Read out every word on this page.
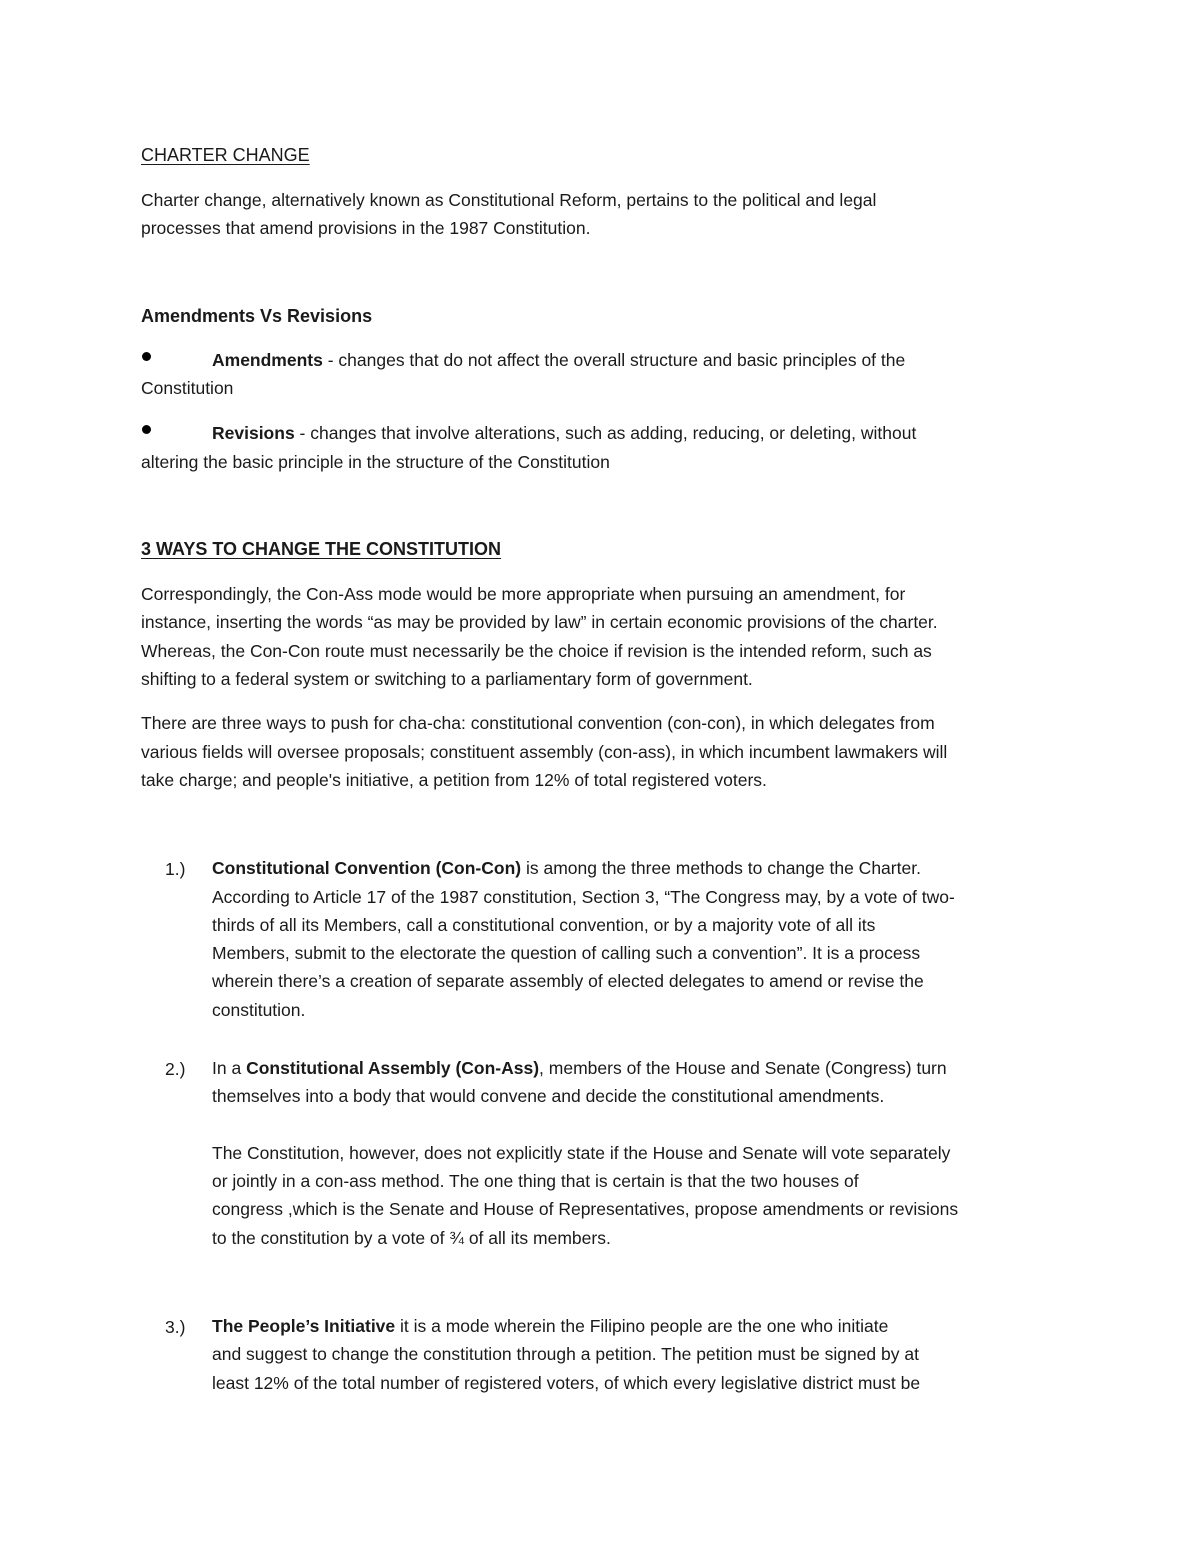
CHARTER CHANGE
Charter change, alternatively known as Constitutional Reform, pertains to the political and legal
processes that amend provisions in the 1987 Constitution.
Amendments Vs Revisions
Amendments - changes that do not affect the overall structure and basic principles of the
Constitution
Revisions - changes that involve alterations, such as adding, reducing, or deleting, without
altering the basic principle in the structure of the Constitution
3 WAYS TO CHANGE THE CONSTITUTION
Correspondingly, the Con-Ass mode would be more appropriate when pursuing an amendment, for
instance, inserting the words “as may be provided by law” in certain economic provisions of the charter.
Whereas, the Con-Con route must necessarily be the choice if revision is the intended reform, such as
shifting to a federal system or switching to a parliamentary form of government.
There are three ways to push for cha-cha: constitutional convention (con-con), in which delegates from
various fields will oversee proposals; constituent assembly (con-ass), in which incumbent lawmakers will
take charge; and people's initiative, a petition from 12% of total registered voters.
1.) Constitutional Convention (Con-Con) is among the three methods to change the Charter.
According to Article 17 of the 1987 constitution, Section 3, “The Congress may, by a vote of two-
thirds of all its Members, call a constitutional convention, or by a majority vote of all its
Members, submit to the electorate the question of calling such a convention”. It is a process
wherein there’s a creation of separate assembly of elected delegates to amend or revise the
constitution.
2.) In a Constitutional Assembly (Con-Ass), members of the House and Senate (Congress) turn
themselves into a body that would convene and decide the constitutional amendments.
The Constitution, however, does not explicitly state if the House and Senate will vote separately
or jointly in a con-ass method. The one thing that is certain is that the two houses of
congress ,which is the Senate and House of Representatives, propose amendments or revisions
to the constitution by a vote of ¾ of all its members.
3.) The People’s Initiative it is a mode wherein the Filipino people are the one who initiate
and suggest to change the constitution through a petition. The petition must be signed by at
least 12% of the total number of registered voters, of which every legislative district must be
